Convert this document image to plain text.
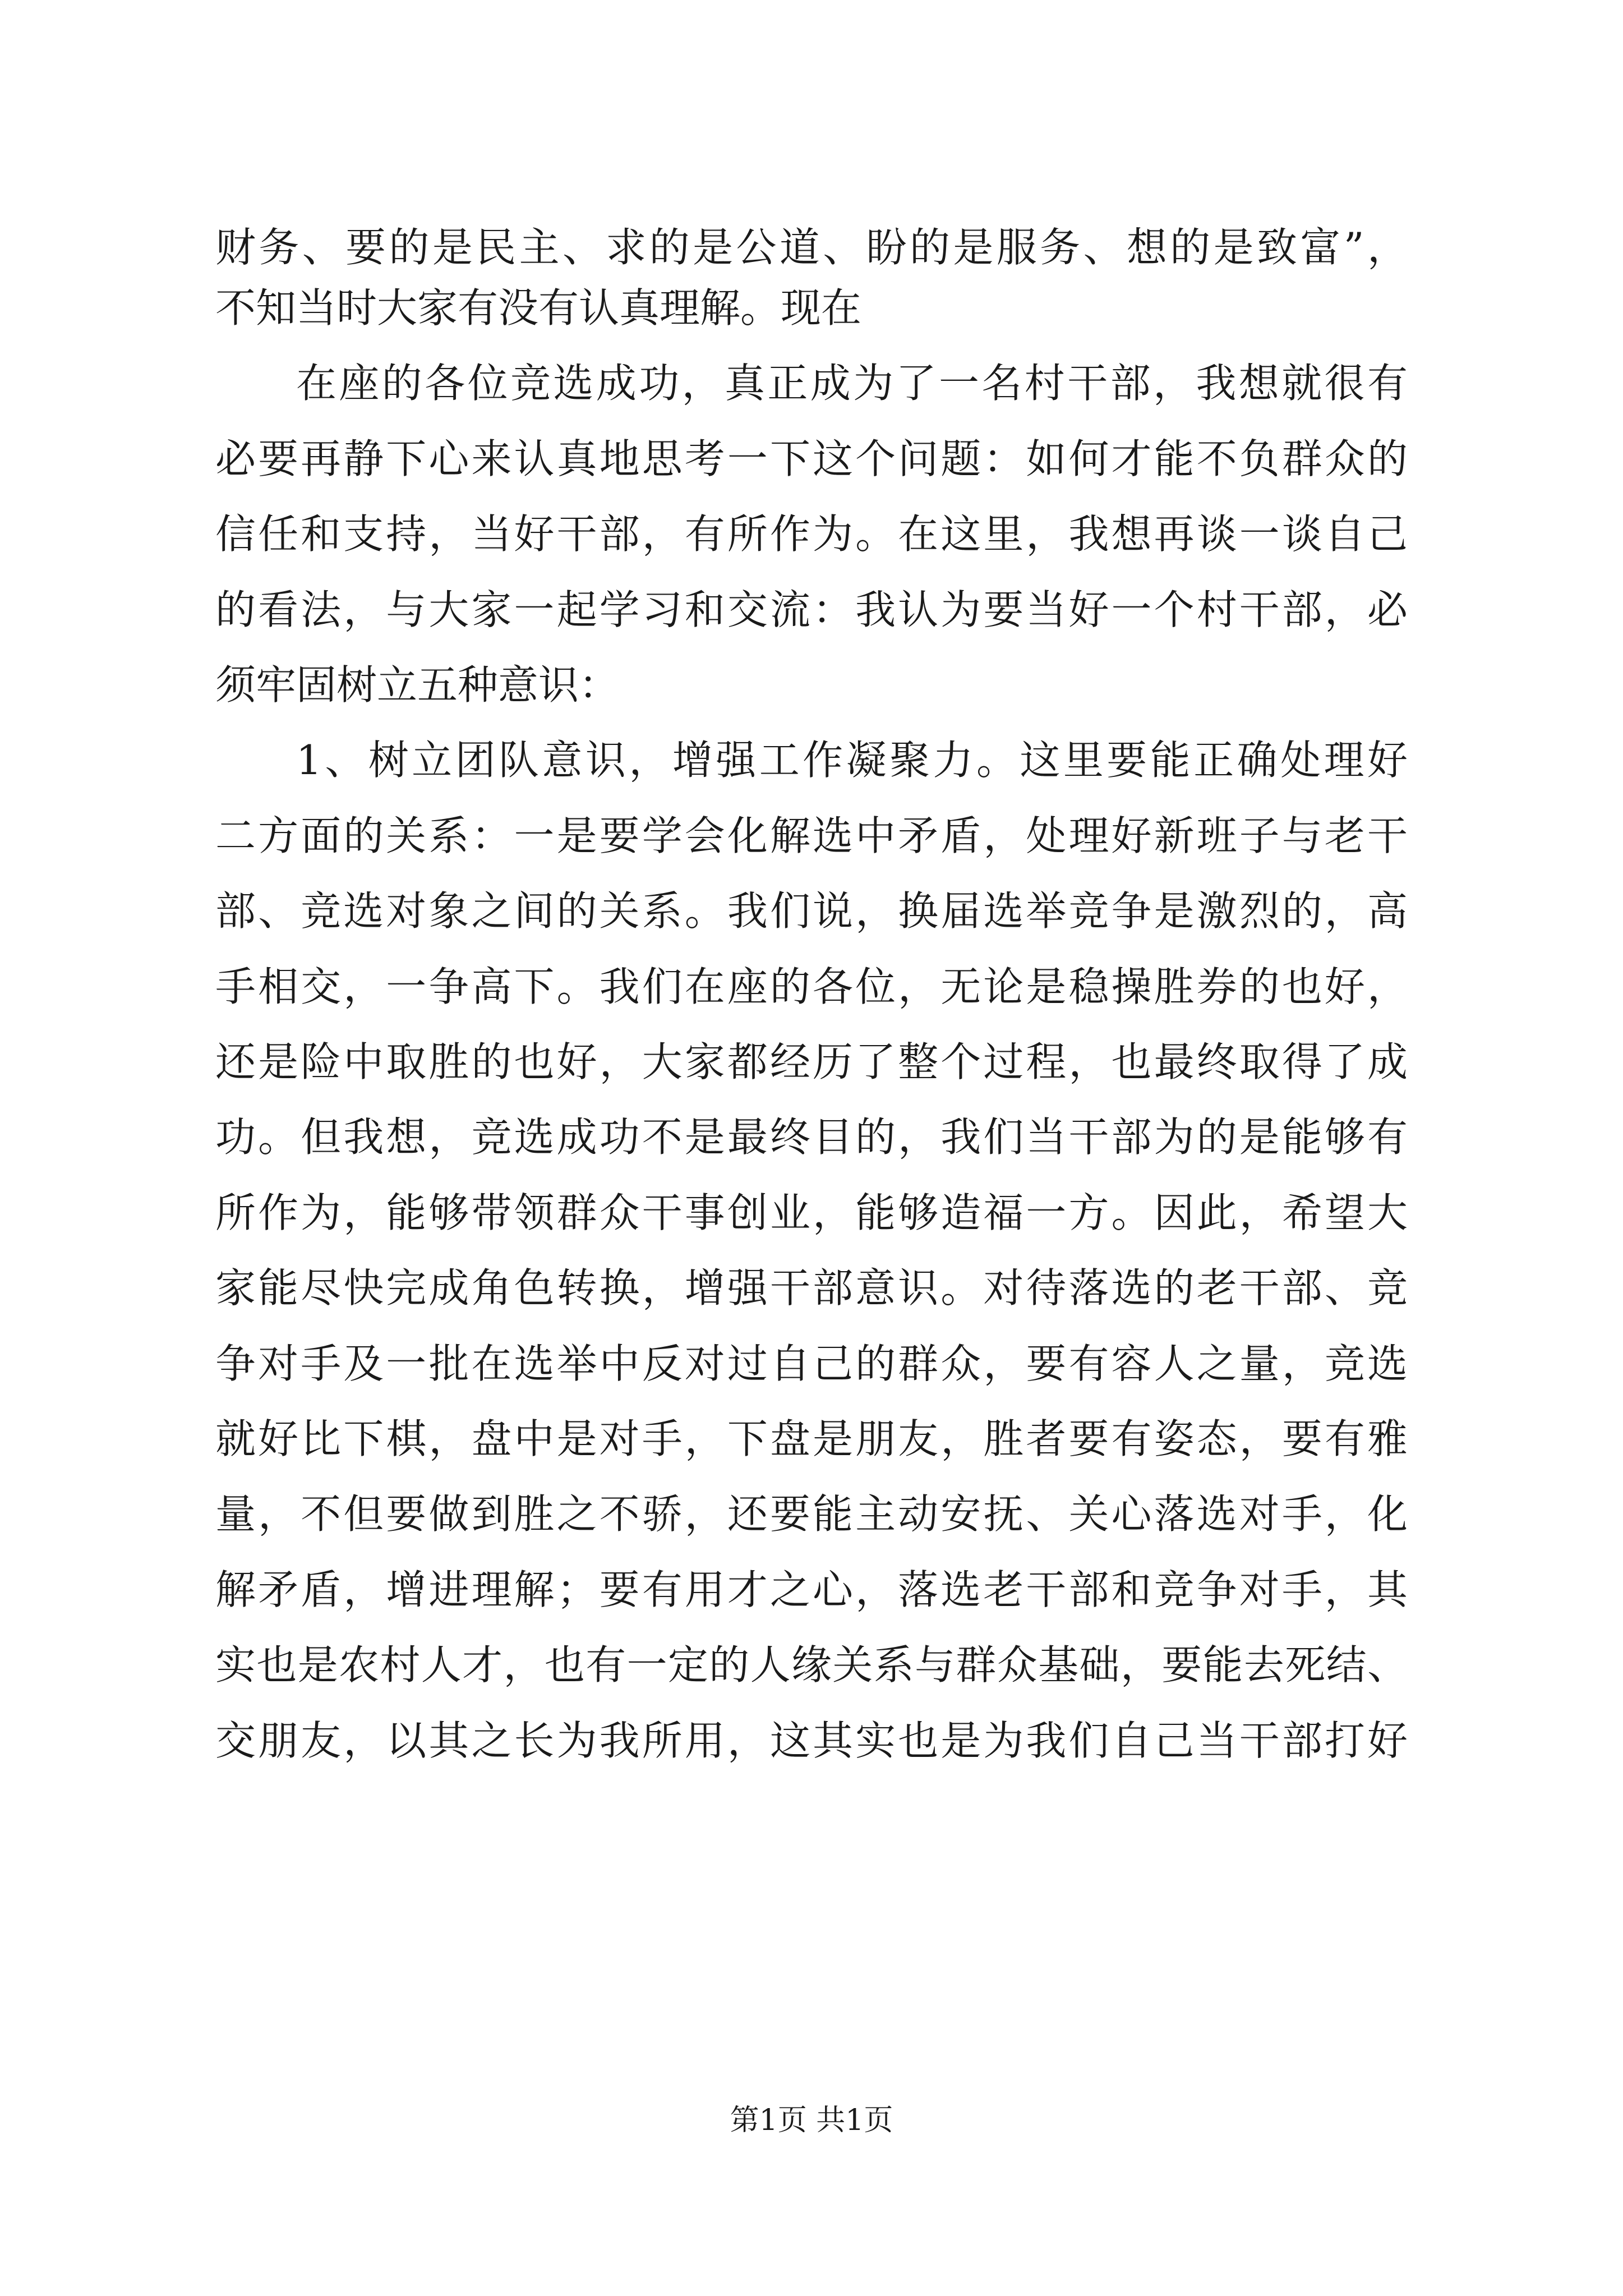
财务、要的是民主、求的是公道、盼的是服务、想的是致富”，
不知当时大家有没有认真理解。现在
在座的各位竞选成功，真正成为了一名村干部，我想就很有
必要再静下心来认真地思考一下这个问题：如何才能不负群众的
信任和支持，当好干部，有所作为。在这里，我想再谈一谈自己
的看法，与大家一起学习和交流：我认为要当好一个村干部，必
须牢固树立五种意识：
1、树立团队意识，增强工作凝聚力。这里要能正确处理好
二方面的关系：一是要学会化解选中矛盾，处理好新班子与老干
部、竞选对象之间的关系。我们说，换届选举竞争是激烈的，高
手相交，一争高下。我们在座的各位，无论是稳操胜券的也好，
还是险中取胜的也好，大家都经历了整个过程，也最终取得了成
功。但我想，竞选成功不是最终目的，我们当干部为的是能够有
所作为，能够带领群众干事创业，能够造福一方。因此，希望大
家能尽快完成角色转换，增强干部意识。对待落选的老干部、竞
争对手及一批在选举中反对过自己的群众，要有容人之量，竞选
就好比下棋，盘中是对手，下盘是朋友，胜者要有姿态，要有雅
量，不但要做到胜之不骄，还要能主动安抚、关心落选对手，化
解矛盾，增进理解；要有用才之心，落选老干部和竞争对手，其
实也是农村人才，也有一定的人缘关系与群众基础，要能去死结、
交朋友，以其之长为我所用，这其实也是为我们自己当干部打好
第1页 共1页
